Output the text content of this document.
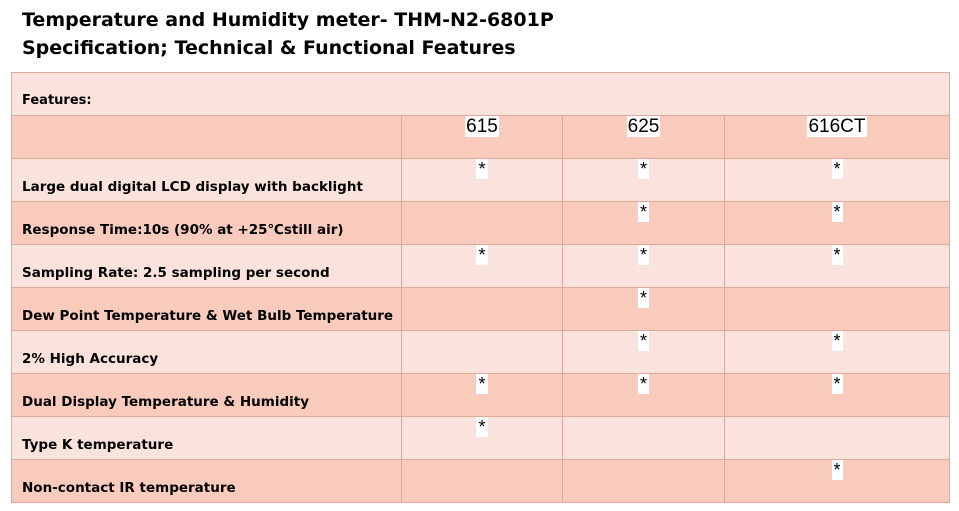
Temperature and Humidity meter- THM-N2-6801P
Specification; Technical & Functional Features
Features:			

	615	625	616CT

Large dual digital LCD display with backlight	*	*	*

Response Time:10s (90% at +25℃still air)		*	*

Sampling Rate: 2.5 sampling per second	*	*	*

Dew Point Temperature & Wet Bulb Temperature		*	

2% High Accuracy		*	*

Dual Display Temperature & Humidity	*	*	*

Type K temperature	*		

Non-contact IR temperature			*
